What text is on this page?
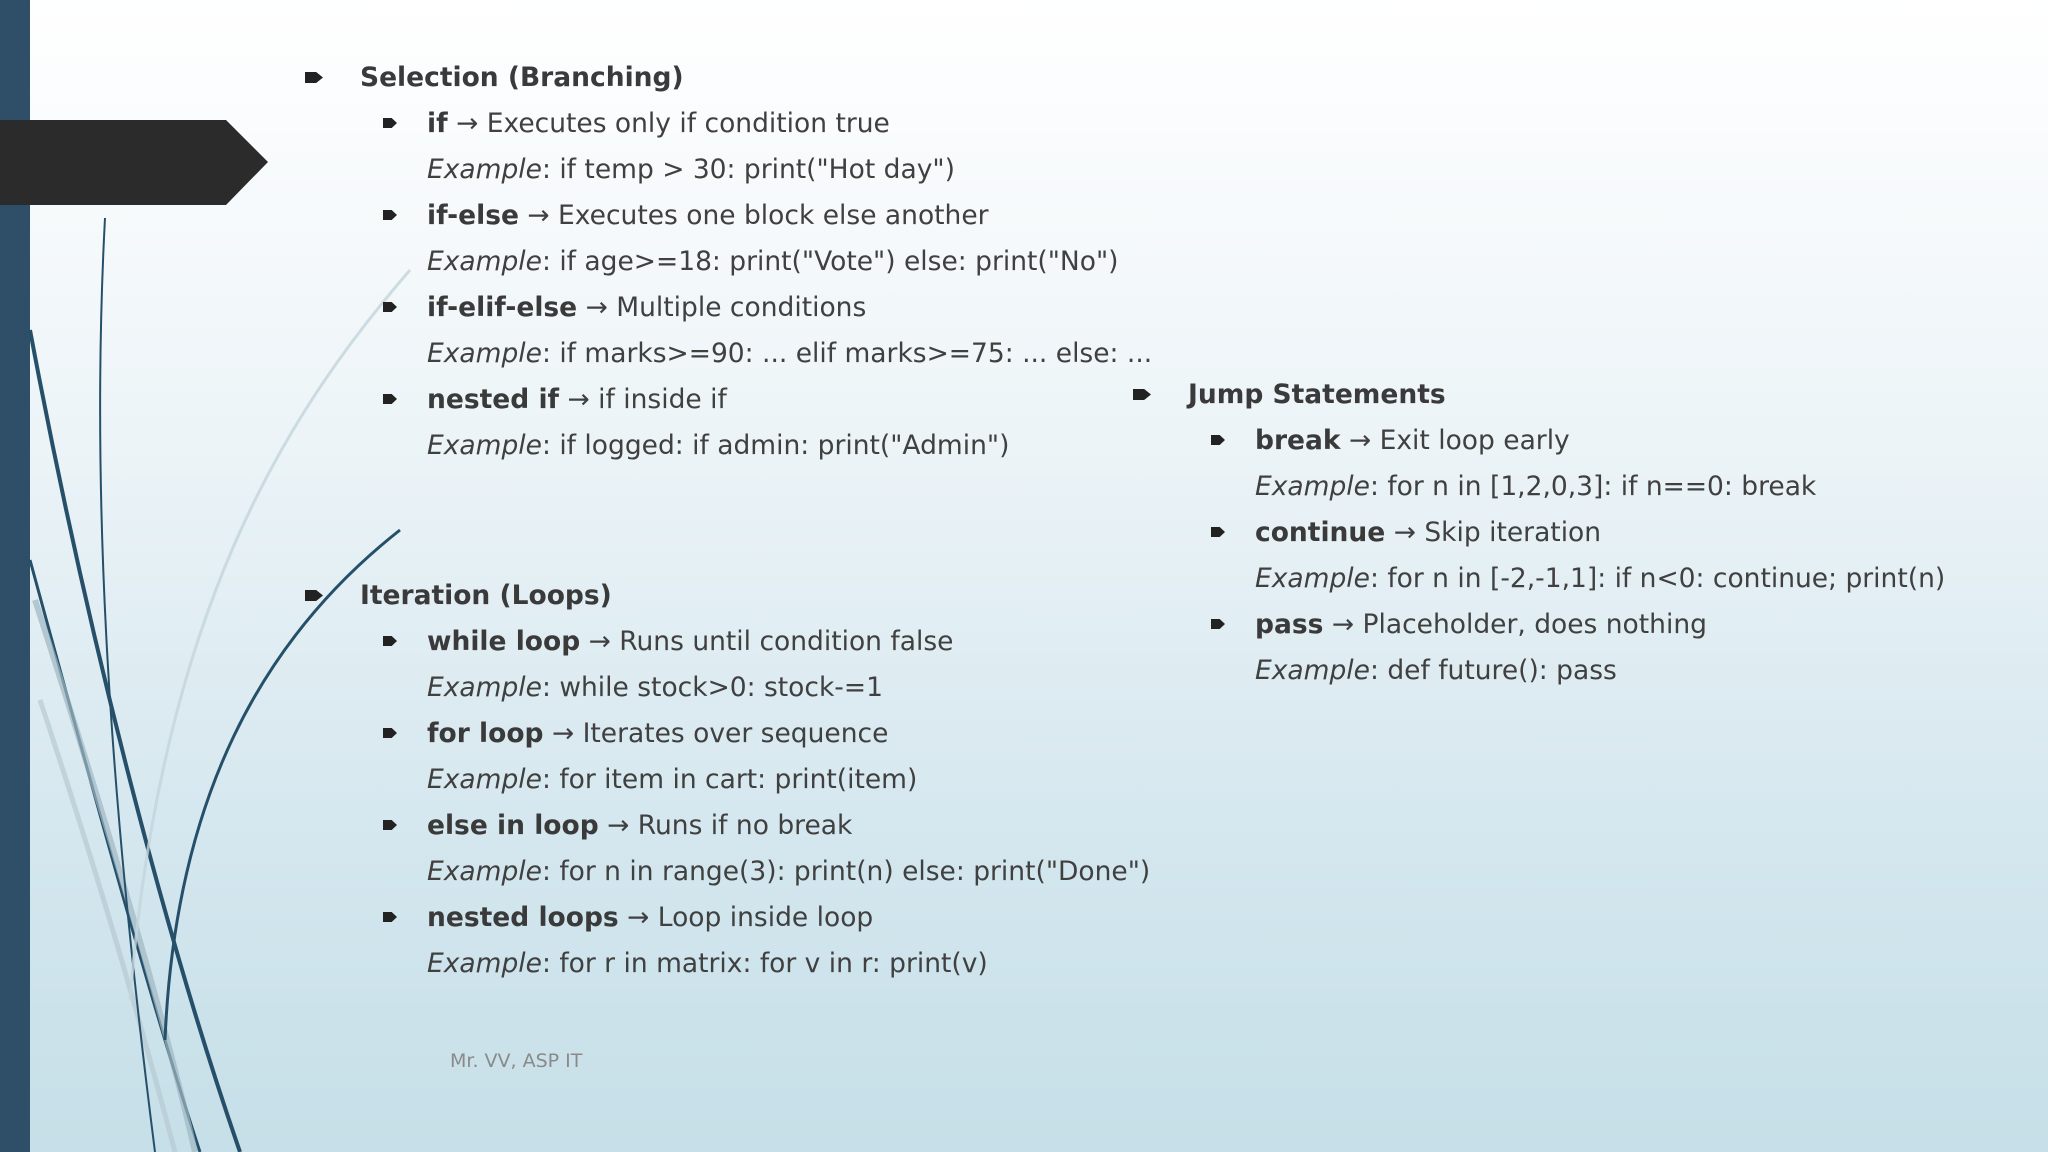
Selection (Branching)
if → Executes only if condition true
Example: if temp > 30: print("Hot day")
if-else → Executes one block else another
Example: if age>=18: print("Vote") else: print("No")
if-elif-else → Multiple conditions
Example: if marks>=90: ... elif marks>=75: ... else: ...
nested if → if inside if
Example: if logged: if admin: print("Admin")
Iteration (Loops)
while loop → Runs until condition false
Example: while stock>0: stock-=1
for loop → Iterates over sequence
Example: for item in cart: print(item)
else in loop → Runs if no break
Example: for n in range(3): print(n) else: print("Done")
nested loops → Loop inside loop
Example: for r in matrix: for v in r: print(v)
Jump Statements
break → Exit loop early
Example: for n in [1,2,0,3]: if n==0: break
continue → Skip iteration
Example: for n in [-2,-1,1]: if n<0: continue; print(n)
pass → Placeholder, does nothing
Example: def future(): pass
Mr. VV, ASP IT
